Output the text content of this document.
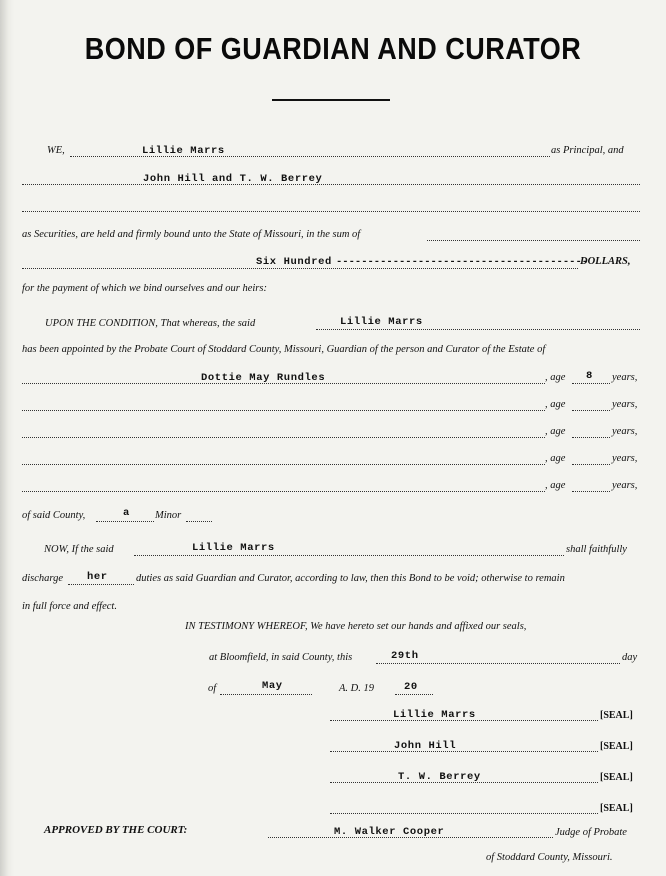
BOND OF GUARDIAN AND CURATOR
WE,	Lillie Marrs	as Principal, and
John Hill and T. W. Berrey
as Securities, are held and firmly bound unto the State of Missouri, in the sum of
Six Hundred ----------------------------------------
DOLLARS,
for the payment of which we bind ourselves and our heirs:
UPON THE CONDITION, That whereas, the said	Lillie Marrs
has been appointed by the Probate Court of Stoddard County, Missouri, Guardian of the person and Curator of the Estate of
Dottie May Rundles	, age 8 years,
, age	years,
, age	years,
, age	years,
, age	years,
of said County,	a Minor
NOW, If the said	Lillie Marrs	shall faithfully
discharge her	duties as said Guardian and Curator, according to law, then this Bond to be void; otherwise to remain
in full force and effect.
IN TESTIMONY WHEREOF, We have hereto set our hands and affixed our seals,
at Bloomfield, in said County, this	29th	day
of	May	A. D. 19	20
Lillie Marrs	[SEAL]
John Hill	[SEAL]
T. W. Berrey	[SEAL]
[SEAL]
APPROVED BY THE COURT:	M. Walker Cooper	Judge of Probate
of Stoddard County, Missouri.
